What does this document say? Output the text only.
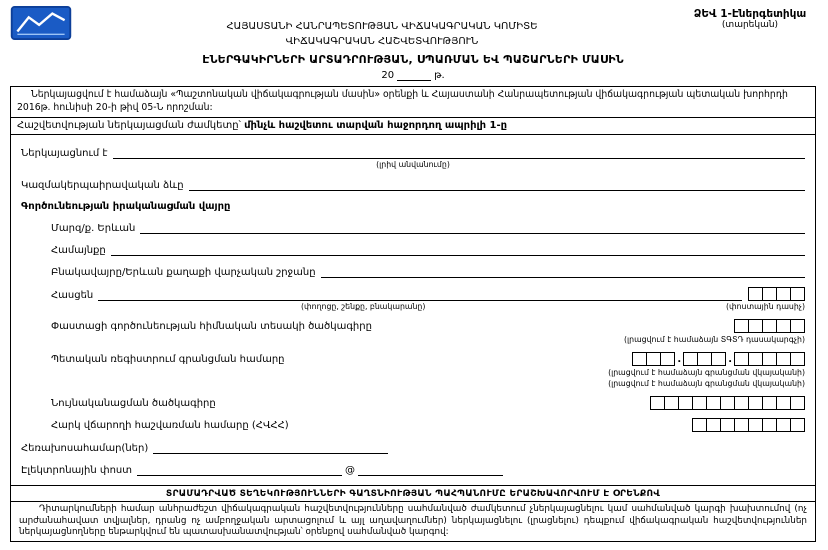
ՀԱՅԱՍՏԱՆԻ ՀԱՆՐԱՊԵՏՈՒԹՅԱՆ ՎԻՃԱԿԱԳՐԱԿԱՆ ԿՈՄԻՏԵ
ՎԻՃԱԿԱԳՐԱԿԱՆ ՀԱՇՎԵՏՎՈՒԹՅՈՒՆ
ՁԵՎ 1-Էներգետիկա
(տարեկան)
ԷՆԵՐԳԱԿԻՐՆԵՐԻ ԱՐՏԱԴՐՈՒԹՅԱՆ, ՍՊԱՌՄԱՆ ԵՎ ՊԱՇԱՐՆԵՐԻ ՄԱՍԻՆ
20	թ.
Ներկայացվում է համաձայն «Պաշտոնական վիճակագրության մասին» օրենքի և Հայաստանի Հանրապետության վիճակագրության պետական խորհրդի 2016թ. հունիսի 20-ի թիվ 05-Ն որոշման:
Հաշվետվության ներկայացման ժամկետը՝ մինչև հաշվետու տարվան հաջորդող ապրիլի 1-ը
Ներկայացնում է
(լրիվ անվանումը)
Կազմակերպաիրավական ձևը
Գործունեության իրականացման վայրը
Մարզ/ք. Երևան
Համայնքը
Բնակավայրը/Երևան քաղաքի վարչական շրջանը
Հասցեն
(փողոցը, շենքը, բնակարանը)	(փոստային դասիչ)
Փաստացի գործունեության հիմնական տեսակի ծածկագիրը
(լրացվում է համաձայն ՏԳՏԴ դասակարգչի)
Պետական ռեգիստրում գրանցման համարը	.	.
(լրացվում է համաձայն գրանցման վկայականի)
(լրացվում է համաձայն գրանցման վկայականի)
Նույնականացման ծածկագիրը
Հարկ վճարողի հաշվառման համարը (ՀՎՀՀ)
Հեռախոսահամար(ներ)
Էլեկտրոնային փոստ	@
ՏՐԱՄԱԴՐՎԱԾ ՏԵՂԵԿՈՒԹՅՈՒՆՆԵՐԻ ԳԱՂՏՆԻՈՒԹՅԱՆ ՊԱՀՊԱՆՈՒՄԸ ԵՐԱՇԽԱՎՈՐՎՈՒՄ Է ՕՐԵՆՔՈՎ
Դիտարկումների համար անհրաժեշտ վիճակագրական հաշվետվությունները սահմանված ժամկետում չներկայացնելու կամ սահմանված կարգի խախտումով (ոչ արժանահավատ տվյալներ, դրանց ոչ ամբողջական արտացոլում և այլ աղավաղումներ) ներկայացնելու (լրացնելու) դեպքում վիճակագրական հաշվետվություններ ներկայացնողները ենթարկվում են պատասխանատվության՝ օրենքով սահմանված կարգով:
